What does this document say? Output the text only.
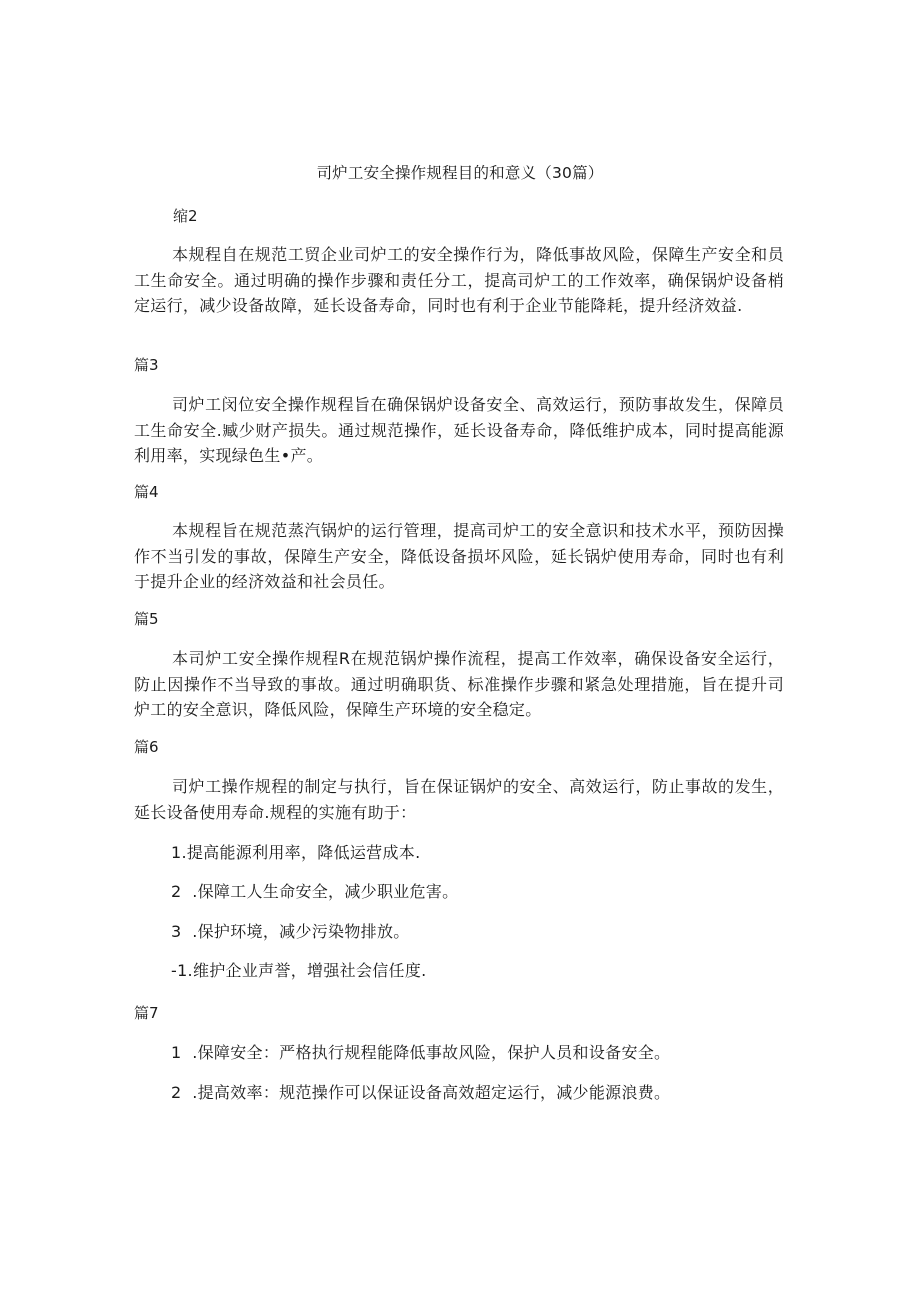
司炉工安全操作规程目的和意义（30篇）
缩2
本规程自在规范工贸企业司炉工的安全操作行为，降低事故风险，保障生产安全和员工生命安全。通过明确的操作步骤和责任分工，提高司炉工的工作效率，确保锅炉设备梢定运行，减少设备故障，延长设备寿命，同时也有利于企业节能降耗，提升经济效益.
篇3
司炉工闵位安全操作规程旨在确保锅炉设备安全、高效运行，预防事故发生，保障员工生命安全.臧少财产损失。通过规范操作，延长设备寿命，降低维护成本，同时提高能源利用率，实现绿色生•产。
篇4
本规程旨在规范蒸汽锅炉的运行管理，提高司炉工的安全意识和技术水平，预防因操作不当引发的事故，保障生产安全，降低设备损坏风险，延长锅炉使用寿命，同时也有利于提升企业的经济效益和社会员任。
篇5
本司炉工安全操作规程R在规范锅炉操作流程，提高工作效率，确保设备安全运行，防止因操作不当导致的事故。通过明确职货、标准操作步骤和紧急处理措施，旨在提升司炉工的安全意识，降低风险，保障生产环境的安全稳定。
篇6
司炉工操作规程的制定与执行，旨在保证锅炉的安全、高效运行，防止事故的发生，延长设备使用寿命.规程的实施有助于：
1.提高能源利用率，降低运营成本.
2  .保障工人生命安全，减少职业危害。
3  .保护环境，减少污染物排放。
-1.维护企业声誉，增强社会信任度.
篇7
1  .保障安全：严格执行规程能降低事故风险，保护人员和设备安全。
2  .提高效率：规范操作可以保证设备高效超定运行，减少能源浪费。
